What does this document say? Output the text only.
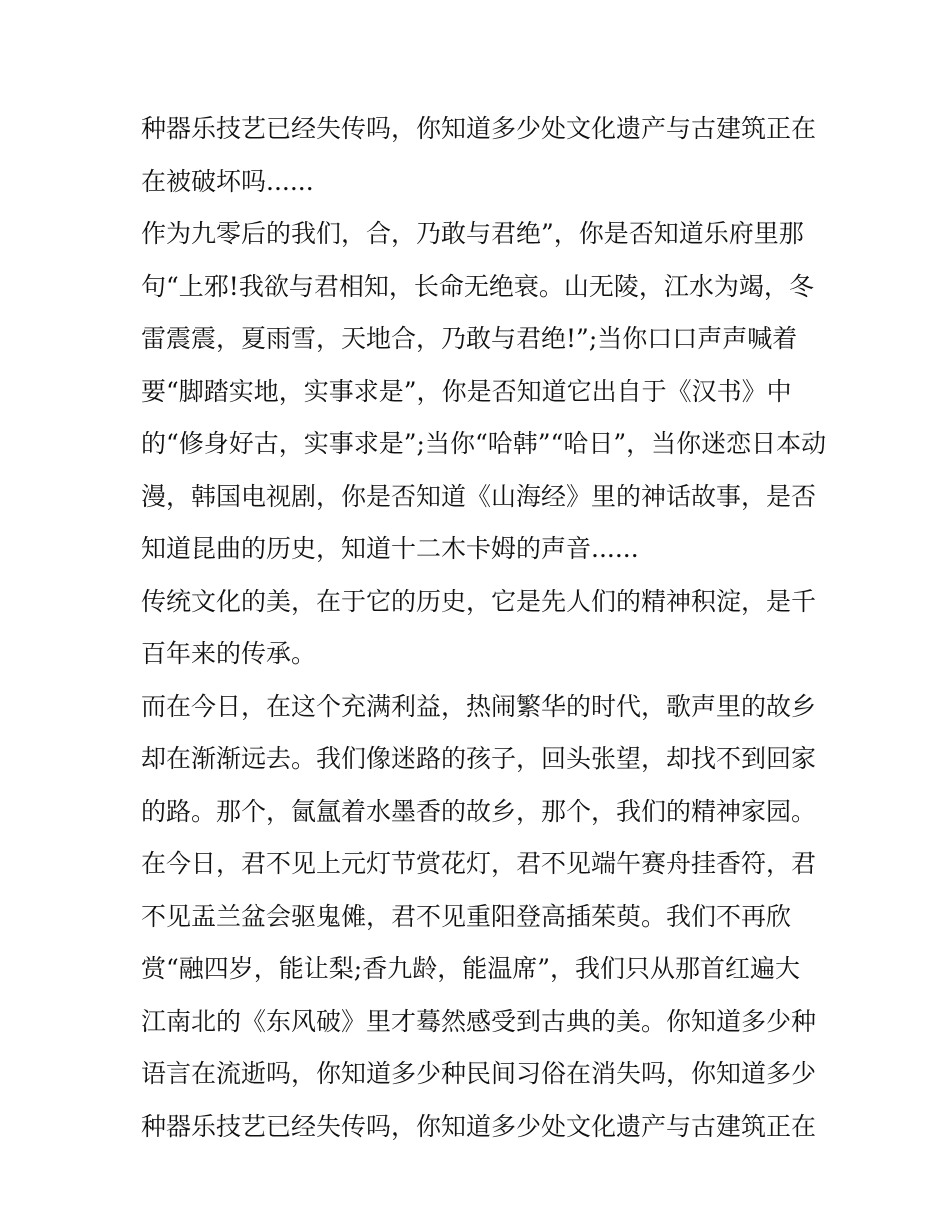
种器乐技艺已经失传吗，你知道多少处文化遗产与古建筑正在
在被破坏吗......
作为九零后的我们，合，乃敢与君绝”，你是否知道乐府里那
句“上邪!我欲与君相知，长命无绝衰。山无陵，江水为竭，冬
雷震震，夏雨雪，天地合，乃敢与君绝!”;当你口口声声喊着
要“脚踏实地，实事求是”，你是否知道它出自于《汉书》中
的“修身好古，实事求是”;当你“哈韩”“哈日”，当你迷恋日本动
漫，韩国电视剧，你是否知道《山海经》里的神话故事，是否
知道昆曲的历史，知道十二木卡姆的声音......
传统文化的美，在于它的历史，它是先人们的精神积淀，是千
百年来的传承。
而在今日，在这个充满利益，热闹繁华的时代，歌声里的故乡
却在渐渐远去。我们像迷路的孩子，回头张望，却找不到回家
的路。那个，氤氲着水墨香的故乡，那个，我们的精神家园。
在今日，君不见上元灯节赏花灯，君不见端午赛舟挂香符，君
不见盂兰盆会驱鬼傩，君不见重阳登高插茱萸。我们不再欣
赏“融四岁，能让梨;香九龄，能温席”，我们只从那首红遍大
江南北的《东风破》里才蓦然感受到古典的美。你知道多少种
语言在流逝吗，你知道多少种民间习俗在消失吗，你知道多少
种器乐技艺已经失传吗，你知道多少处文化遗产与古建筑正在
